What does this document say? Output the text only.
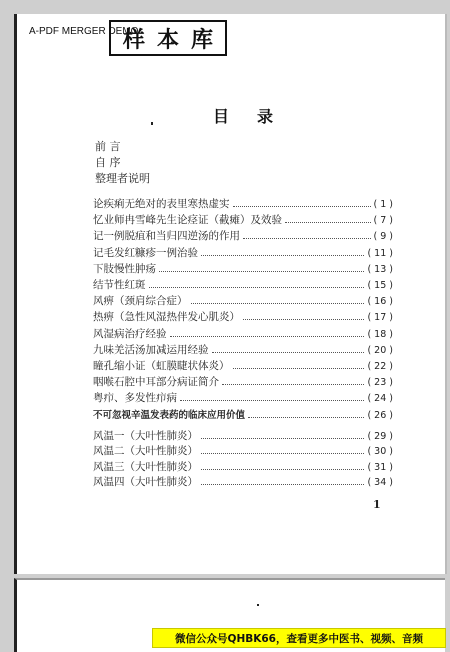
A-PDF MERGER DEMO
样 本 库
目录
前 言
自 序
整理者说明
论疾痢无绝对的表里寒热虚实	( 1 )
忆业师冉雪峰先生论痉证（截瘫）及效验	( 7 )
记一例脱疽和当归四逆汤的作用	( 9 )
记毛发红糠疹一例治验	( 11 )
下肢慢性肿疡	( 13 )
结节性红斑	( 15 )
风痹（颈肩综合症）	( 16 )
热痹（急性风湿热伴发心肌炎）	( 17 )
风湿病治疗经验	( 18 )
九味羌活汤加减运用经验	( 20 )
瞳孔缩小证（虹膜睫状体炎）	( 22 )
咽喉石腔中耳部分病证简介	( 23 )
粤疖、多发性疖病	( 24 )
不可忽视辛温发表药的临床应用价值	( 26 )
风温一（大叶性肺炎）	( 29 )
风温二（大叶性肺炎）	( 30 )
风温三（大叶性肺炎）	( 31 )
风温四（大叶性肺炎）	( 34 )
1
微信公众号QHBK66，查看更多中医书、视频、音频
